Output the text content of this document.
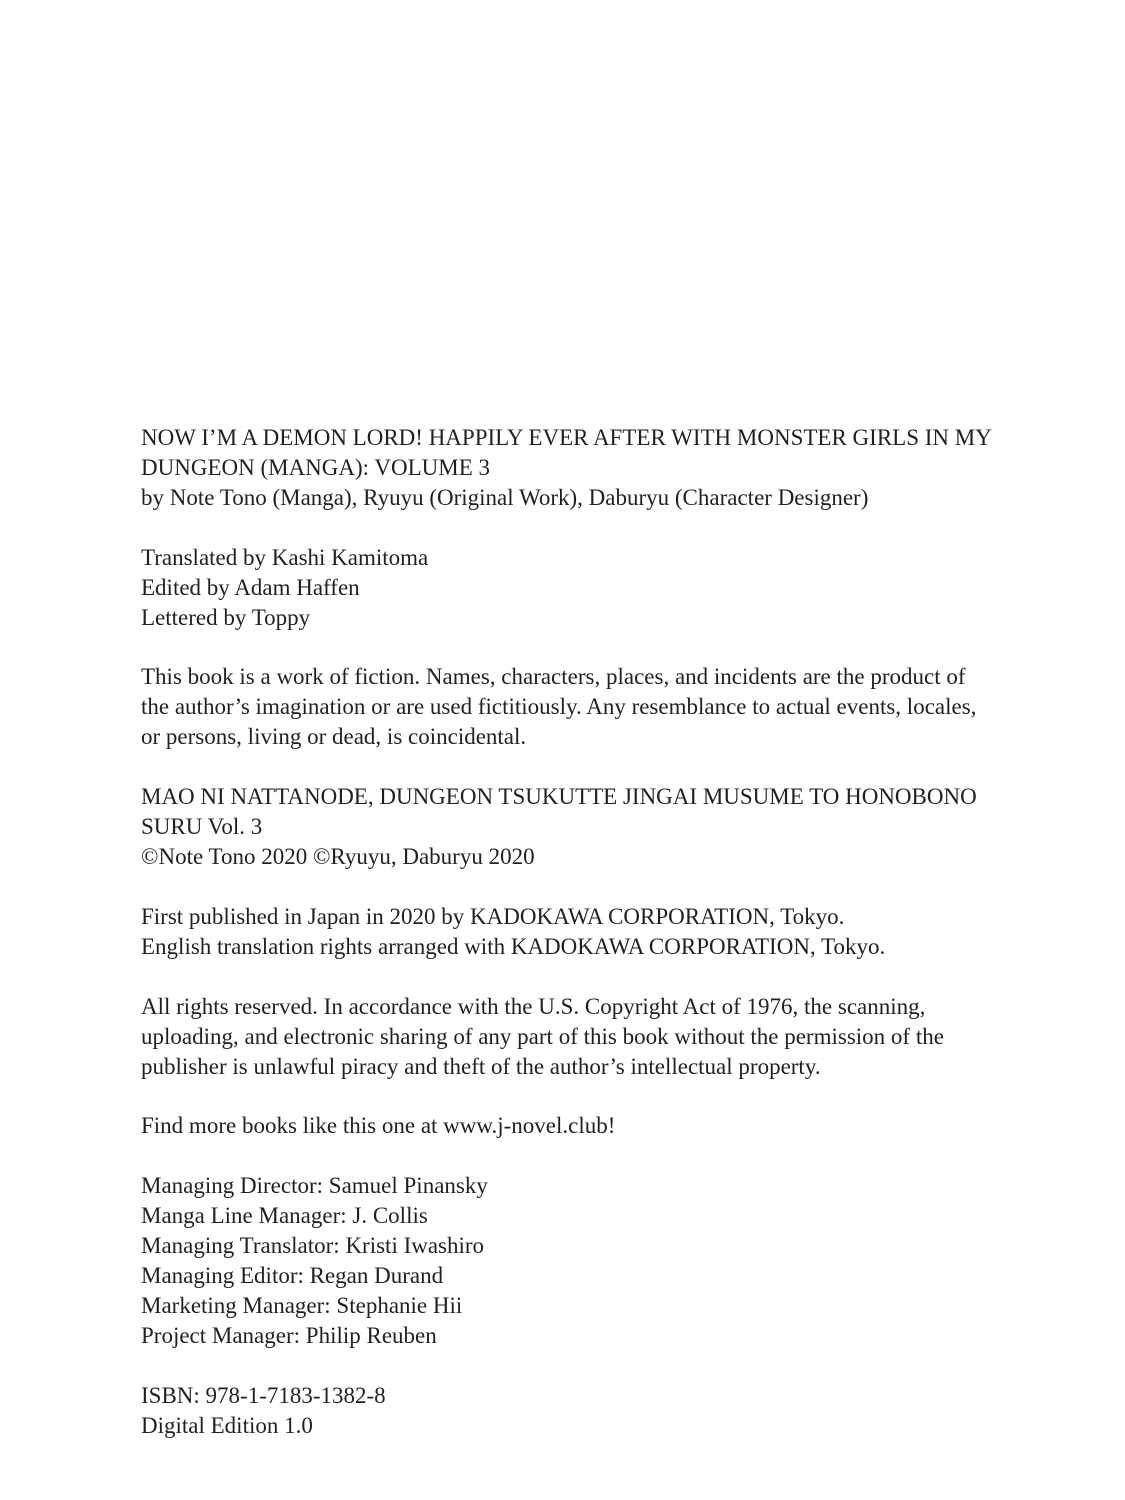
NOW I’M A DEMON LORD! HAPPILY EVER AFTER WITH MONSTER GIRLS IN MY
DUNGEON (MANGA): VOLUME 3
by Note Tono (Manga), Ryuyu (Original Work), Daburyu (Character Designer)
Translated by Kashi Kamitoma
Edited by Adam Haffen
Lettered by Toppy
This book is a work of fiction. Names, characters, places, and incidents are the product of
the author’s imagination or are used fictitiously. Any resemblance to actual events, locales,
or persons, living or dead, is coincidental.
MAO NI NATTANODE, DUNGEON TSUKUTTE JINGAI MUSUME TO HONOBONO
SURU Vol. 3
©Note Tono 2020 ©Ryuyu, Daburyu 2020
First published in Japan in 2020 by KADOKAWA CORPORATION, Tokyo.
English translation rights arranged with KADOKAWA CORPORATION, Tokyo.
All rights reserved. In accordance with the U.S. Copyright Act of 1976, the scanning,
uploading, and electronic sharing of any part of this book without the permission of the
publisher is unlawful piracy and theft of the author’s intellectual property.
Find more books like this one at www.j-novel.club!
Managing Director: Samuel Pinansky
Manga Line Manager: J. Collis
Managing Translator: Kristi Iwashiro
Managing Editor: Regan Durand
Marketing Manager: Stephanie Hii
Project Manager: Philip Reuben
ISBN: 978-1-7183-1382-8
Digital Edition 1.0
